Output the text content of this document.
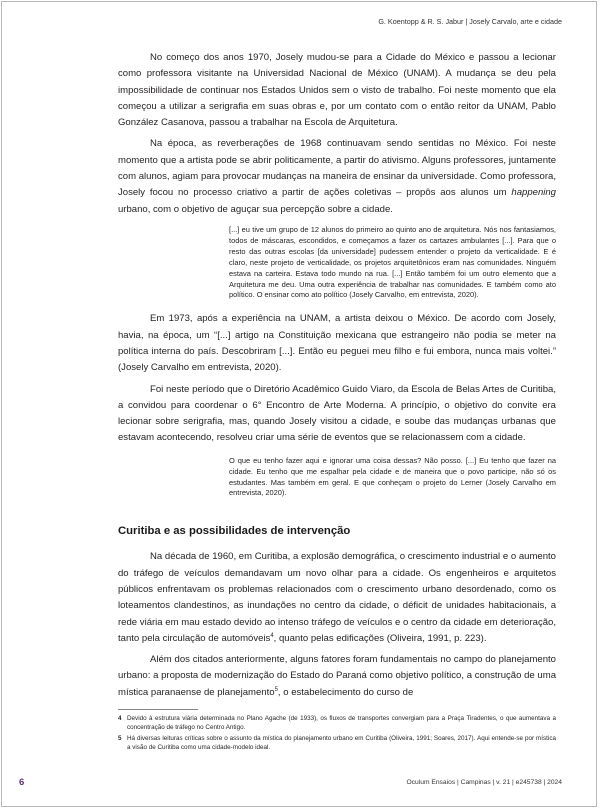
G. Koentopp & R. S. Jabur | Josely Carvalo, arte e cidade

No começo dos anos 1970, Josely mudou-se para a Cidade do México e passou a lecionar como professora visitante na Universidad Nacional de México (UNAM). A mudança se deu pela impossibilidade de continuar nos Estados Unidos sem o visto de trabalho. Foi neste momento que ela começou a utilizar a serigrafia em suas obras e, por um contato com o então reitor da UNAM, Pablo González Casanova, passou a trabalhar na Escola de Arquitetura.

Na época, as reverberações de 1968 continuavam sendo sentidas no México. Foi neste momento que a artista pode se abrir politicamente, a partir do ativismo. Alguns professores, juntamente com alunos, agiam para provocar mudanças na maneira de ensinar da universidade. Como professora, Josely focou no processo criativo a partir de ações coletivas – propôs aos alunos um happening urbano, com o objetivo de aguçar sua percepção sobre a cidade.

[...] eu tive um grupo de 12 alunos do primeiro ao quinto ano de arquitetura. Nós nos fantasiamos, todos de máscaras, escondidos, e começamos a fazer os cartazes ambulantes [...]. Para que o resto das outras escolas [da universidade] pudessem entender o projeto da verticalidade. E é claro, neste projeto de verticalidade, os projetos arquitetônicos eram nas comunidades. Ninguém estava na carteira. Estava todo mundo na rua. [...] Então também foi um outro elemento que a Arquitetura me deu. Uma outra experiência de trabalhar nas comunidades. E também como ato político. O ensinar como ato político (Josely Carvalho, em entrevista, 2020).

Em 1973, após a experiência na UNAM, a artista deixou o México. De acordo com Josely, havia, na época, um “[...] artigo na Constituição mexicana que estrangeiro não podia se meter na política interna do país. Descobriram [...]. Então eu peguei meu filho e fui embora, nunca mais voltei.” (Josely Carvalho em entrevista, 2020).

Foi neste período que o Diretório Acadêmico Guido Viaro, da Escola de Belas Artes de Curitiba, a convidou para coordenar o 6° Encontro de Arte Moderna. A princípio, o objetivo do convite era lecionar sobre serigrafia, mas, quando Josely visitou a cidade, e soube das mudanças urbanas que estavam acontecendo, resolveu criar uma série de eventos que se relacionassem com a cidade.

O que eu tenho fazer aqui e ignorar uma coisa dessas? Não posso. [...] Eu tenho que fazer na cidade. Eu tenho que me espalhar pela cidade e de maneira que o povo participe, não só os estudantes. Mas também em geral. E que conheçam o projeto do Lerner (Josely Carvalho em entrevista, 2020).
Curitiba e as possibilidades de intervenção

Na década de 1960, em Curitiba, a explosão demográfica, o crescimento industrial e o aumento do tráfego de veículos demandavam um novo olhar para a cidade. Os engenheiros e arquitetos públicos enfrentavam os problemas relacionados com o crescimento urbano desordenado, como os loteamentos clandestinos, as inundações no centro da cidade, o déficit de unidades habitacionais, a rede viária em mau estado devido ao intenso tráfego de veículos e o centro da cidade em deterioração, tanto pela circulação de automóveis$^4$, quanto pelas edificações (Oliveira, 1991, p. 223).

Além dos citados anteriormente, alguns fatores foram fundamentais no campo do planejamento urbano: a proposta de modernização do Estado do Paraná como objetivo político, a construção de uma mística paranaense de planejamento$^5$, o estabelecimento do curso de

4 Devido à estrutura viária determinada no Plano Agache (de 1933), os fluxos de transportes convergiam para a Praça Tiradentes, o que aumentava a concentração de tráfego no Centro Antigo.

5 Há diversas leituras críticas sobre o assunto da mística do planejamento urbano em Curitiba (Oliveira, 1991; Soares, 2017). Aqui entende-se por mística a visão de Curitiba como uma cidade-modelo ideal.

6	Oculum Ensaios | Campinas | v. 21 | e245738 | 2024
